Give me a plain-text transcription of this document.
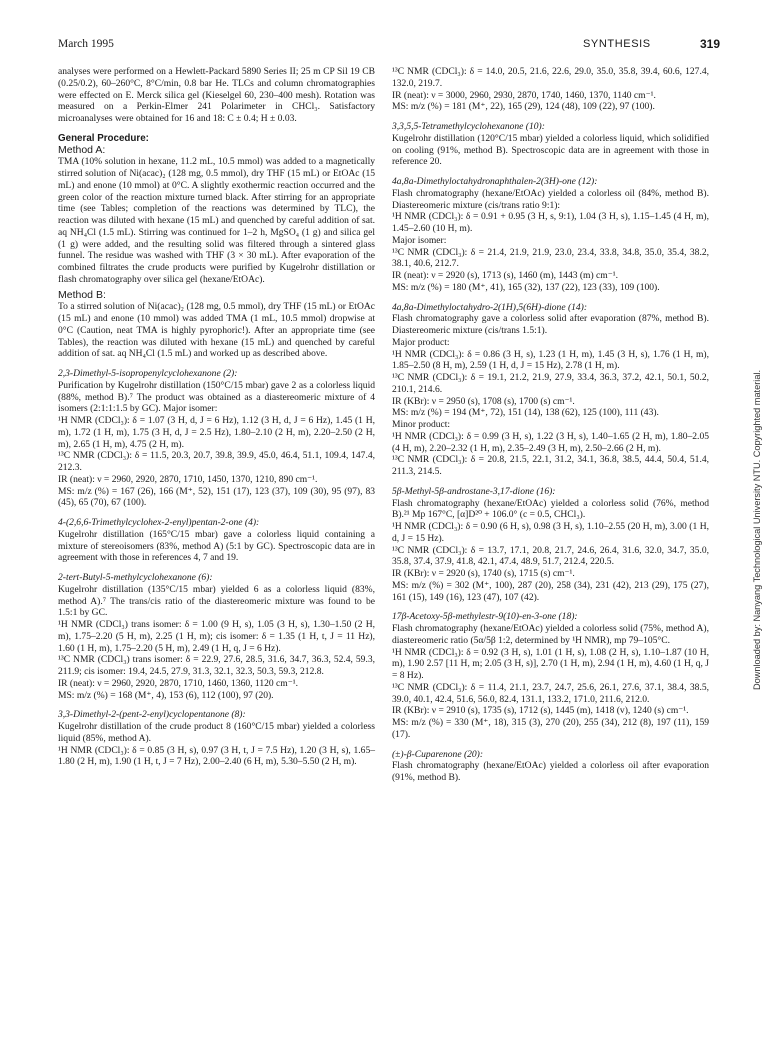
March 1995	SYNTHESIS	319

analyses were performed on a Hewlett-Packard 5890 Series II; 25 m CP Sil 19 CB (0.25/0.2), 60–260°C, 8°C/min, 0.8 bar He. TLCs and column chromatographies were effected on E. Merck silica gel (Kieselgel 60, 230–400 mesh). Rotation was measured on a Perkin-Elmer 241 Polarimeter in CHCl₃. Satisfactory microanalyses were obtained for 16 and 18: C ± 0.4; H ± 0.03.

General Procedure:

Method A:

TMA (10% solution in hexane, 11.2 mL, 10.5 mmol) was added to a magnetically stirred solution of Ni(acac)₂ (128 mg, 0.5 mmol), dry THF (15 mL) or EtOAc (15 mL) and enone (10 mmol) at 0°C. A slightly exothermic reaction occurred and the green color of the reaction mixture turned black. After stirring for an appropriate time (see Tables; completion of the reactions was determined by TLC), the reaction was diluted with hexane (15 mL) and quenched by careful addition of sat. aq NH₄Cl (1.5 mL). Stirring was continued for 1–2 h, MgSO₄ (1 g) and silica gel (1 g) were added, and the resulting solid was filtered through a sintered glass funnel. The residue was washed with THF (3 × 30 mL). After evaporation of the combined filtrates the crude products were purified by Kugelrohr distillation or flash chromatography over silica gel (hexane/EtOAc).

Method B:

To a stirred solution of Ni(acac)₂ (128 mg, 0.5 mmol), dry THF (15 mL) or EtOAc (15 mL) and enone (10 mmol) was added TMA (1 mL, 10.5 mmol) dropwise at 0°C (Caution, neat TMA is highly pyrophoric!). After an appropriate time (see Tables), the reaction was diluted with hexane (15 mL) and quenched by careful addition of sat. aq NH₄Cl (1.5 mL) and worked up as described above.

2,3-Dimethyl-5-isopropenylcyclohexanone (2):

Purification by Kugelrohr distillation (150°C/15 mbar) gave 2 as a colorless liquid (88%, method B).⁷ The product was obtained as a diastereomeric mixture of 4 isomers (2:1:1:1.5 by GC). Major isomer:

¹H NMR (CDCl₃): δ = 1.07 (3 H, d, J = 6 Hz), 1.12 (3 H, d, J = 6 Hz), 1.45 (1 H, m), 1.72 (1 H, m), 1.75 (3 H, d, J = 2.5 Hz), 1.80–2.10 (2 H, m), 2.20–2.50 (2 H, m), 2.65 (1 H, m), 4.75 (2 H, m).

¹³C NMR (CDCl₃): δ = 11.5, 20.3, 20.7, 39.8, 39.9, 45.0, 46.4, 51.1, 109.4, 147.4, 212.3.

IR (neat): ν = 2960, 2920, 2870, 1710, 1450, 1370, 1210, 890 cm⁻¹.

MS: m/z (%) = 167 (26), 166 (M⁺, 52), 151 (17), 123 (37), 109 (30), 95 (97), 83 (45), 65 (70), 67 (100).

4-(2,6,6-Trimethylcyclohex-2-enyl)pentan-2-one (4):

Kugelrohr distillation (165°C/15 mbar) gave a colorless liquid containing a mixture of stereoisomers (83%, method A) (5:1 by GC). Spectroscopic data are in agreement with those in references 4, 7 and 19.

2-tert-Butyl-5-methylcyclohexanone (6):

Kugelrohr distillation (135°C/15 mbar) yielded 6 as a colorless liquid (83%, method A).⁷ The trans/cis ratio of the diastereomeric mixture was found to be 1.5:1 by GC.

¹H NMR (CDCl₃) trans isomer: δ = 1.00 (9 H, s), 1.05 (3 H, s), 1.30–1.50 (2 H, m), 1.75–2.20 (5 H, m), 2.25 (1 H, m); cis isomer: δ = 1.35 (1 H, t, J = 11 Hz), 1.60 (1 H, m), 1.75–2.20 (5 H, m), 2.49 (1 H, q, J = 6 Hz).

¹³C NMR (CDCl₃) trans isomer: δ = 22.9, 27.6, 28.5, 31.6, 34.7, 36.3, 52.4, 59.3, 211.9; cis isomer: 19.4, 24.5, 27.9, 31.3, 32.1, 32.3, 50.3, 59.3, 212.8.

IR (neat): ν = 2960, 2920, 2870, 1710, 1460, 1360, 1120 cm⁻¹.

MS: m/z (%) = 168 (M⁺, 4), 153 (6), 112 (100), 97 (20).

3,3-Dimethyl-2-(pent-2-enyl)cyclopentanone (8):

Kugelrohr distillation of the crude product 8 (160°C/15 mbar) yielded a colorless liquid (85%, method A).

¹H NMR (CDCl₃): δ = 0.85 (3 H, s), 0.97 (3 H, t, J = 7.5 Hz), 1.20 (3 H, s), 1.65–1.80 (2 H, m), 1.90 (1 H, t, J = 7 Hz), 2.00–2.40 (6 H, m), 5.30–5.50 (2 H, m).

¹³C NMR (CDCl₃): δ = 14.0, 20.5, 21.6, 22.6, 29.0, 35.0, 35.8, 39.4, 60.6, 127.4, 132.0, 219.7.

IR (neat): ν = 3000, 2960, 2930, 2870, 1740, 1460, 1370, 1140 cm⁻¹.

MS: m/z (%) = 181 (M⁺, 22), 165 (29), 124 (48), 109 (22), 97 (100).

3,3,5,5-Tetramethylcyclohexanone (10):

Kugelrohr distillation (120°C/15 mbar) yielded a colorless liquid, which solidified on cooling (91%, method B). Spectroscopic data are in agreement with those in reference 20.

4a,8a-Dimethyloctahydronaphthalen-2(3H)-one (12):

Flash chromatography (hexane/EtOAc) yielded a colorless oil (84%, method B). Diastereomeric mixture (cis/trans ratio 9:1):

¹H NMR (CDCl₃): δ = 0.91 + 0.95 (3 H, s, 9:1), 1.04 (3 H, s), 1.15–1.45 (4 H, m), 1.45–2.60 (10 H, m).

Major isomer:

¹³C NMR (CDCl₃): δ = 21.4, 21.9, 21.9, 23.0, 23.4, 33.8, 34.8, 35.0, 35.4, 38.2, 38.1, 40.6, 212.7.

IR (neat): ν = 2920 (s), 1713 (s), 1460 (m), 1443 (m) cm⁻¹.

MS: m/z (%) = 180 (M⁺, 41), 165 (32), 137 (22), 123 (33), 109 (100).

4a,8a-Dimethyloctahydro-2(1H),5(6H)-dione (14):

Flash chromatography gave a colorless solid after evaporation (87%, method B). Diastereomeric mixture (cis/trans 1.5:1).

Major product:

¹H NMR (CDCl₃): δ = 0.86 (3 H, s), 1.23 (1 H, m), 1.45 (3 H, s), 1.76 (1 H, m), 1.85–2.50 (8 H, m), 2.59 (1 H, d, J = 15 Hz), 2.78 (1 H, m).

¹³C NMR (CDCl₃): δ = 19.1, 21.2, 21.9, 27.9, 33.4, 36.3, 37.2, 42.1, 50.1, 50.2, 210.1, 214.6.

IR (KBr): ν = 2950 (s), 1708 (s), 1700 (s) cm⁻¹.

MS: m/z (%) = 194 (M⁺, 72), 151 (14), 138 (62), 125 (100), 111 (43).

Minor product:

¹H NMR (CDCl₃): δ = 0.99 (3 H, s), 1.22 (3 H, s), 1.40–1.65 (2 H, m), 1.80–2.05 (4 H, m), 2.20–2.32 (1 H, m), 2.35–2.49 (3 H, m), 2.50–2.66 (2 H, m).

¹³C NMR (CDCl₃): δ = 20.8, 21.5, 22.1, 31.2, 34.1, 36.8, 38.5, 44.4, 50.4, 51.4, 211.3, 214.5.

5β-Methyl-5β-androstane-3,17-dione (16):

Flash chromatography (hexane/EtOAc) yielded a colorless solid (76%, method B).²¹ Mp 167°C, [α]D²⁰ + 106.0° (c = 0.5, CHCl₃).

¹H NMR (CDCl₃): δ = 0.90 (6 H, s), 0.98 (3 H, s), 1.10–2.55 (20 H, m), 3.00 (1 H, d, J = 15 Hz).

¹³C NMR (CDCl₃): δ = 13.7, 17.1, 20.8, 21.7, 24.6, 26.4, 31.6, 32.0, 34.7, 35.0, 35.8, 37.4, 37.9, 41.8, 42.1, 47.4, 48.9, 51.7, 212.4, 220.5.

IR (KBr): ν = 2920 (s), 1740 (s), 1715 (s) cm⁻¹.

MS: m/z (%) = 302 (M⁺, 100), 287 (20), 258 (34), 231 (42), 213 (29), 175 (27), 161 (15), 149 (16), 123 (47), 107 (42).

17β-Acetoxy-5β-methylestr-9(10)-en-3-one (18):

Flash chromatography (hexane/EtOAc) yielded a colorless solid (75%, method A), diastereomeric ratio (5α/5β 1:2, determined by ¹H NMR), mp 79–105°C.

¹H NMR (CDCl₃): δ = 0.92 (3 H, s), 1.01 (1 H, s), 1.08 (2 H, s), 1.10–1.87 (10 H, m), 1.90 2.57 [11 H, m; 2.05 (3 H, s)], 2.70 (1 H, m), 2.94 (1 H, m), 4.60 (1 H, q, J = 8 Hz).

¹³C NMR (CDCl₃): δ = 11.4, 21.1, 23.7, 24.7, 25.6, 26.1, 27.6, 37.1, 38.4, 38.5, 39.0, 40.1, 42.4, 51.6, 56.0, 82.4, 131.1, 133.2, 171.0, 211.6, 212.0.

IR (KBr): ν = 2910 (s), 1735 (s), 1712 (s), 1445 (m), 1418 (v), 1240 (s) cm⁻¹.

MS: m/z (%) = 330 (M⁺, 18), 315 (3), 270 (20), 255 (34), 212 (8), 197 (11), 159 (17).

(±)-β-Cuparenone (20):

Flash chromatography (hexane/EtOAc) yielded a colorless oil after evaporation (91%, method B).

Downloaded by: Nanyang Technological University NTU. Copyrighted material.
